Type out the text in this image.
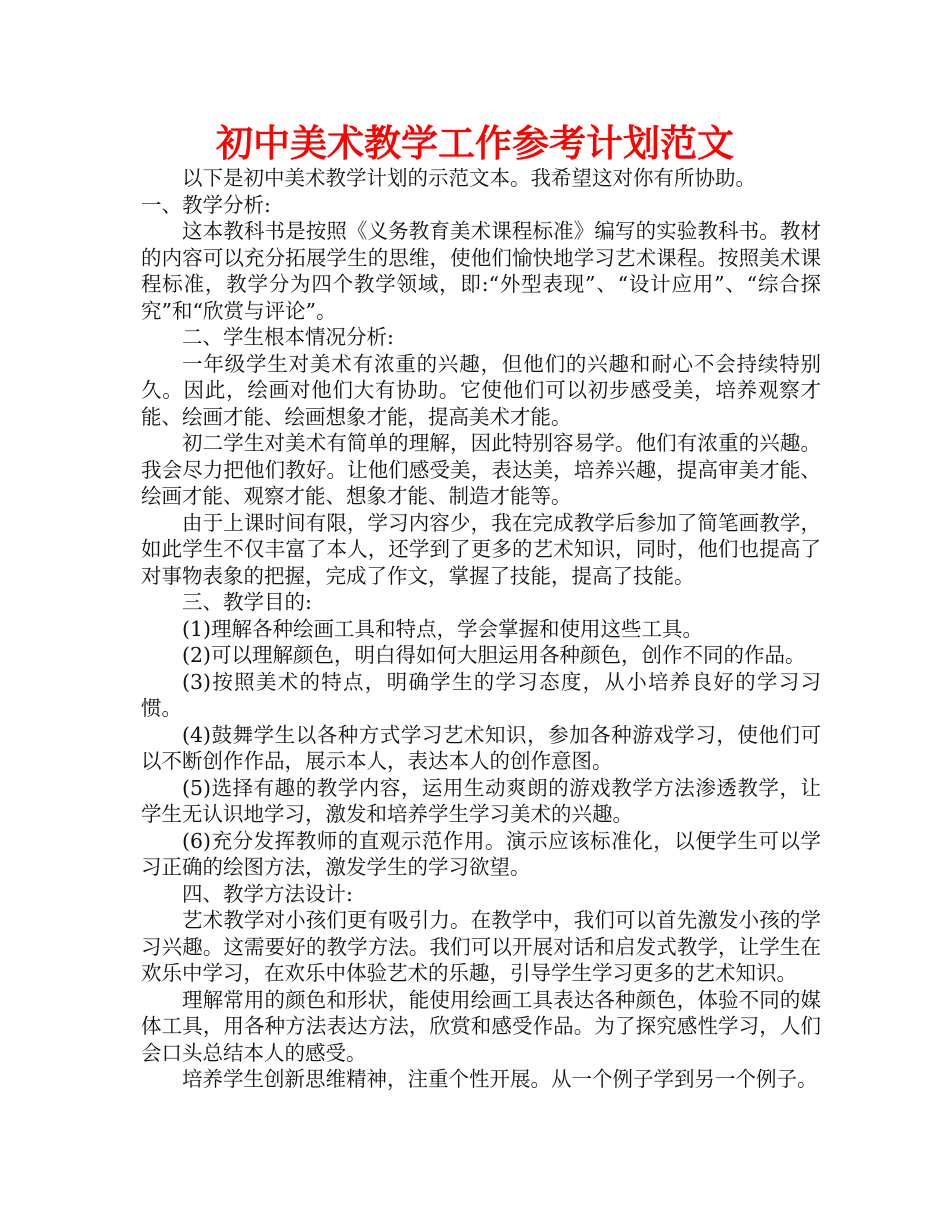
初中美术教学工作参考计划范文

以下是初中美术教学计划的示范文本。我希望这对你有所协助。

一、教学分析:

这本教科书是按照《义务教育美术课程标准》编写的实验教科书。教材的内容可以充分拓展学生的思维，使他们愉快地学习艺术课程。按照美术课程标准，教学分为四个教学领域，即:“外型表现”、“设计应用”、“综合探究”和“欣赏与评论”。

二、学生根本情况分析:

一年级学生对美术有浓重的兴趣，但他们的兴趣和耐心不会持续特别久。因此，绘画对他们大有协助。它使他们可以初步感受美，培养观察才能、绘画才能、绘画想象才能，提高美术才能。

初二学生对美术有简单的理解，因此特别容易学。他们有浓重的兴趣。我会尽力把他们教好。让他们感受美，表达美，培养兴趣，提高审美才能、绘画才能、观察才能、想象才能、制造才能等。

由于上课时间有限，学习内容少，我在完成教学后参加了简笔画教学，如此学生不仅丰富了本人，还学到了更多的艺术知识，同时，他们也提高了对事物表象的把握，完成了作文，掌握了技能，提高了技能。

三、教学目的:

(1)理解各种绘画工具和特点，学会掌握和使用这些工具。

(2)可以理解颜色，明白得如何大胆运用各种颜色，创作不同的作品。

(3)按照美术的特点，明确学生的学习态度，从小培养良好的学习习惯。

(4)鼓舞学生以各种方式学习艺术知识，参加各种游戏学习，使他们可以不断创作作品，展示本人，表达本人的创作意图。

(5)选择有趣的教学内容，运用生动爽朗的游戏教学方法渗透教学，让学生无认识地学习，激发和培养学生学习美术的兴趣。

(6)充分发挥教师的直观示范作用。演示应该标准化，以便学生可以学习正确的绘图方法，激发学生的学习欲望。

四、教学方法设计:

艺术教学对小孩们更有吸引力。在教学中，我们可以首先激发小孩的学习兴趣。这需要好的教学方法。我们可以开展对话和启发式教学，让学生在欢乐中学习，在欢乐中体验艺术的乐趣，引导学生学习更多的艺术知识。

理解常用的颜色和形状，能使用绘画工具表达各种颜色，体验不同的媒体工具，用各种方法表达方法，欣赏和感受作品。为了探究感性学习，人们会口头总结本人的感受。

培养学生创新思维精神，注重个性开展。从一个例子学到另一个例子。
